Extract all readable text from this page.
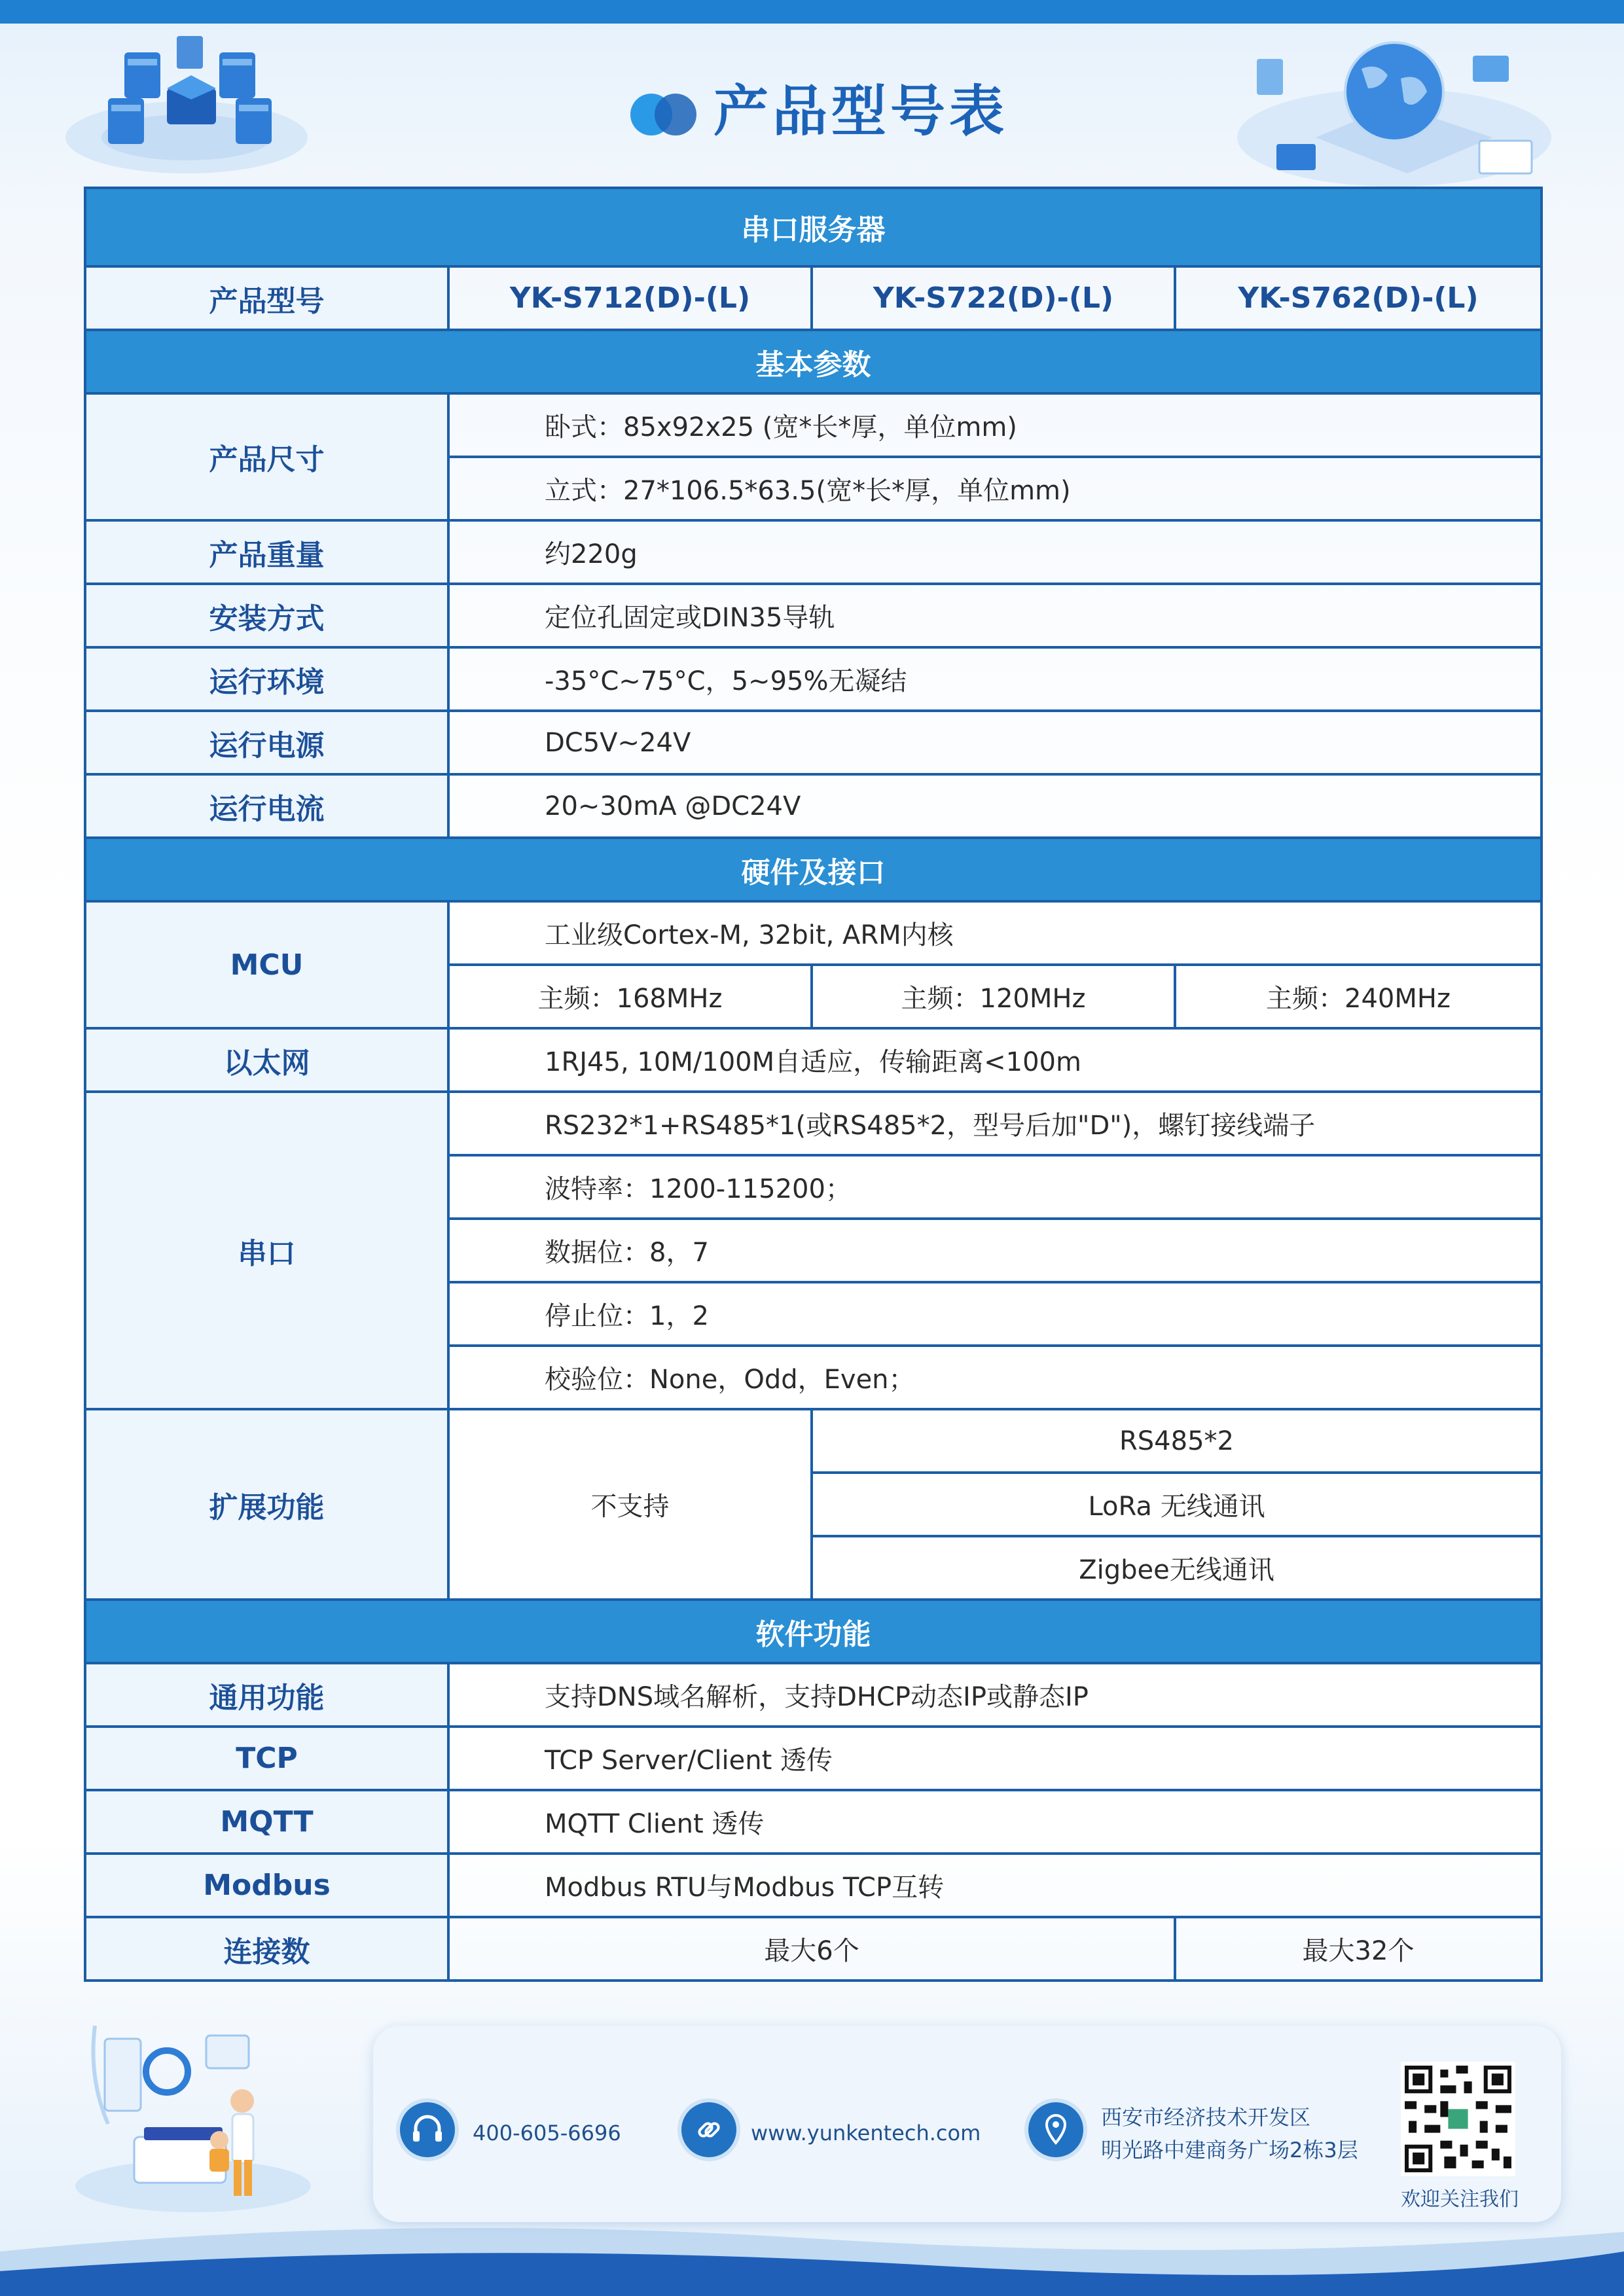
产品型号表
串口服务器			
产品型号	YK-S712(D)-(L)	YK-S722(D)-(L)	YK-S762(D)-(L)
基本参数			
产品尺寸	卧式：85x92x25 (宽*长*厚，单位mm)		
	立式：27*106.5*63.5(宽*长*厚，单位mm)		
产品重量	约220g		
安装方式	定位孔固定或DIN35导轨		
运行环境	-35°C~75°C，5~95%无凝结		
运行电源	DC5V~24V		
运行电流	20~30mA @DC24V		
硬件及接口			
MCU	工业级Cortex-M, 32bit, ARM内核		
	主频：168MHz	主频：120MHz	主频：240MHz
以太网	1RJ45, 10M/100M自适应，传输距离<100m		
串口	RS232*1+RS485*1(或RS485*2，型号后加"D")，螺钉接线端子		
	波特率：1200-115200；		
	数据位：8，7		
	停止位：1，2		
	校验位：None，Odd，Even；		
扩展功能	不支持	RS485*2	
		LoRa 无线通讯	
		Zigbee无线通讯	
软件功能			
通用功能	支持DNS域名解析，支持DHCP动态IP或静态IP		
TCP	TCP Server/Client 透传		
MQTT	MQTT Client 透传		
Modbus	Modbus RTU与Modbus TCP互转		
连接数	最大6个		最大32个
400-605-6696	www.yunkentech.com
西安市经济技术开发区
明光路中建商务广场2栋3层
欢迎关注我们
